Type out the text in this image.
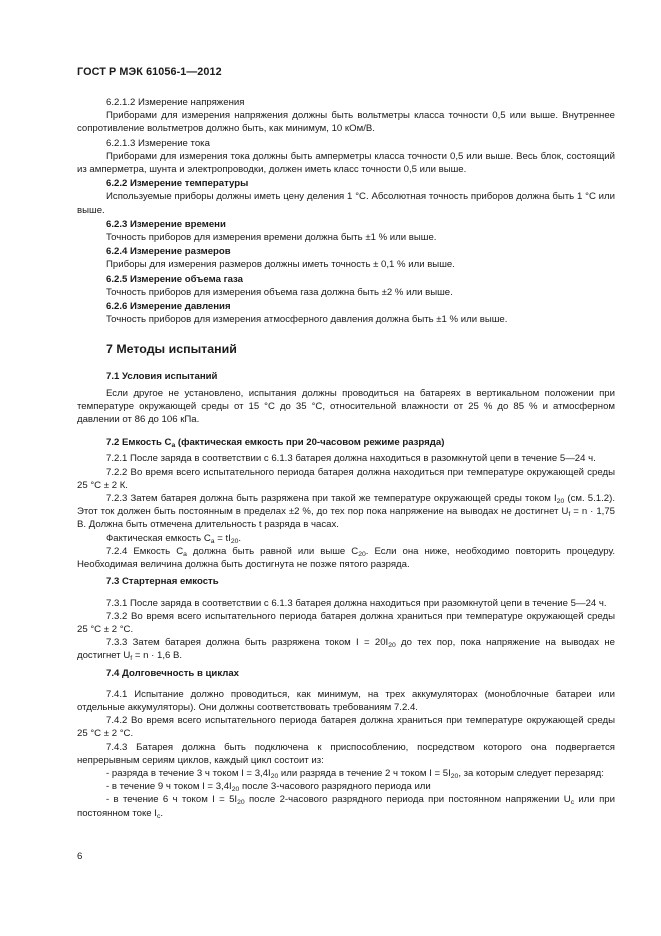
ГОСТ Р МЭК 61056-1—2012

6.2.1.2 Измерение напряжения

Приборами для измерения напряжения должны быть вольтметры класса точности 0,5 или выше. Внутреннее сопротивление вольтметров должно быть, как минимум, 10 кОм/В.

6.2.1.3 Измерение тока

Приборами для измерения тока должны быть амперметры класса точности 0,5 или выше. Весь блок, состоящий из амперметра, шунта и электропроводки, должен иметь класс точности 0,5 или выше.

6.2.2 Измерение температуры

Используемые приборы должны иметь цену деления 1 °С. Абсолютная точность приборов должна быть 1 °С или выше.

6.2.3 Измерение времени

Точность приборов для измерения времени должна быть ±1 % или выше.

6.2.4 Измерение размеров

Приборы для измерения размеров должны иметь точность ± 0,1 % или выше.

6.2.5 Измерение объема газа

Точность приборов для измерения объема газа должна быть ±2 % или выше.

6.2.6 Измерение давления

Точность приборов для измерения атмосферного давления должна быть ±1 % или выше.

7 Методы испытаний

7.1 Условия испытаний

Если другое не установлено, испытания должны проводиться на батареях в вертикальном положении при температуре окружающей среды от 15 °С до 35 °С, относительной влажности от 25 % до 85 % и атмосферном давлении от 86 до 106 кПа.

7.2 Емкость $C_a$ (фактическая емкость при 20-часовом режиме разряда)

7.2.1 После заряда в соответствии с 6.1.3 батарея должна находиться в разомкнутой цепи в течение 5—24 ч.

7.2.2 Во время всего испытательного периода батарея должна находиться при температуре окружающей среды 25 °С ± 2 К.

7.2.3 Затем батарея должна быть разряжена при такой же температуре окружающей среды током $I_{20}$ (см. 5.1.2). Этот ток должен быть постоянным в пределах ±2 %, до тех пор пока напряжение на выводах не достигнет $U_f = n \cdot 1,75$ В. Должна быть отмечена длительность t разряда в часах.

Фактическая емкость $C_a = tI_{20}$.

7.2.4 Емкость $C_a$ должна быть равной или выше $C_{20}$. Если она ниже, необходимо повторить процедуру. Необходимая величина должна быть достигнута не позже пятого разряда.

7.3 Стартерная емкость

7.3.1 После заряда в соответствии с 6.1.3 батарея должна находиться при разомкнутой цепи в течение 5—24 ч.

7.3.2 Во время всего испытательного периода батарея должна храниться при температуре окружающей среды 25 °С ± 2 °С.

7.3.3 Затем батарея должна быть разряжена током $I = 20I_{20}$ до тех пор, пока напряжение на выводах не достигнет $U_f = n \cdot 1,6$ В.

7.4 Долговечность в циклах

7.4.1 Испытание должно проводиться, как минимум, на трех аккумуляторах (моноблочные батареи или отдельные аккумуляторы). Они должны соответствовать требованиям 7.2.4.

7.4.2 Во время всего испытательного периода батарея должна храниться при температуре окружающей среды 25 °С ± 2 °С.

7.4.3 Батарея должна быть подключена к приспособлению, посредством которого она подвергается непрерывным сериям циклов, каждый цикл состоит из:

- разряда в течение 3 ч током $I = 3,4I_{20}$ или разряда в течение 2 ч током $I = 5I_{20}$, за которым следует перезаряд:

- в течение 9 ч током $I = 3,4I_{20}$ после 3-часового разрядного периода или

- в течение 6 ч током $I = 5I_{20}$ после 2-часового разрядного периода при постоянном напряжении $U_c$ или при постоянном токе $I_c$.

6
